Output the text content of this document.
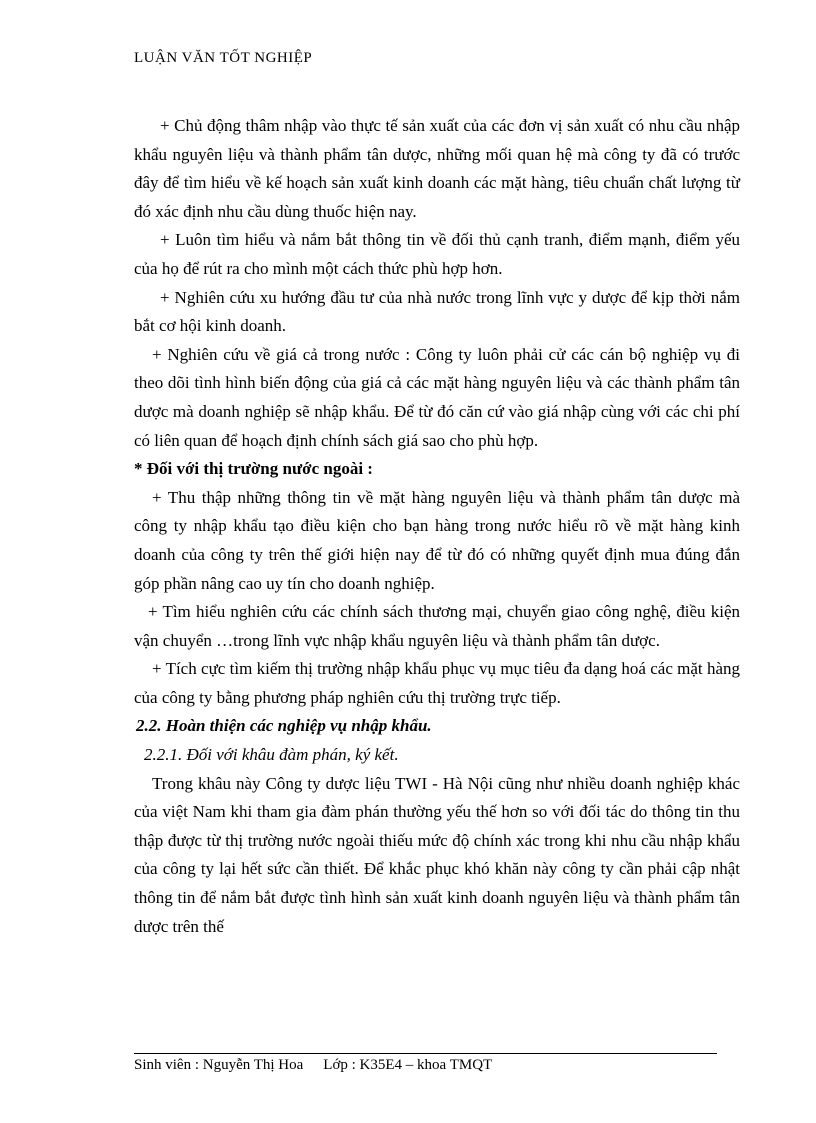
LUẬN VĂN TỐT NGHIỆP

+ Chủ động thâm nhập vào thực tế sản xuất của các đơn vị sản xuất có nhu cầu nhập khẩu nguyên liệu và thành phẩm tân dược, những mối quan hệ mà công ty đã có trước đây để tìm hiểu về kế hoạch sản xuất kinh doanh các mặt hàng, tiêu chuẩn chất lượng từ đó xác định nhu cầu dùng thuốc hiện nay.

+ Luôn tìm hiểu và nắm bắt thông tin về đối thủ cạnh tranh, điểm mạnh, điểm yếu của họ để rút ra cho mình một cách thức phù hợp hơn.

+ Nghiên cứu xu hướng đầu tư của nhà nước trong lĩnh vực y dược để kịp thời nắm bắt cơ hội kinh doanh.

+ Nghiên cứu về giá cả trong nước : Công ty luôn phải cử các cán bộ nghiệp vụ đi theo dõi tình hình biến động của giá cả các mặt hàng nguyên liệu và các thành phẩm tân dược mà doanh nghiệp sẽ nhập khẩu. Để từ đó căn cứ vào giá nhập cùng với các chi phí có liên quan để hoạch định chính sách giá sao cho phù hợp.

* Đối với thị trường nước ngoài :

+ Thu thập những thông tin về mặt hàng nguyên liệu và thành phẩm tân dược mà công ty nhập khẩu tạo điều kiện cho bạn hàng trong nước hiểu rõ về mặt hàng kinh doanh của công ty trên thế giới hiện nay để từ đó có những quyết định mua đúng đắn góp phần nâng cao uy tín cho doanh nghiệp.

+ Tìm hiểu nghiên cứu các chính sách thương mại, chuyển giao công nghệ, điều kiện vận chuyển …trong lĩnh vực nhập khẩu nguyên liệu và thành phẩm tân dược.

+ Tích cực tìm kiếm thị trường nhập khẩu phục vụ mục tiêu đa dạng hoá các mặt hàng của công ty bằng phương pháp nghiên cứu thị trường trực tiếp.

2.2. Hoàn thiện các nghiệp vụ nhập khẩu.

2.2.1. Đối với khâu đàm phán, ký kết.

Trong khâu này Công ty dược liệu TWI - Hà Nội cũng như nhiều doanh nghiệp khác của việt Nam khi tham gia đàm phán thường yếu thế hơn so với đối tác do thông tin thu thập được từ thị trường nước ngoài thiếu mức độ chính xác trong khi nhu cầu nhập khẩu của công ty lại hết sức cần thiết. Để khắc phục khó khăn này công ty cần phải cập nhật thông tin để nắm bắt được tình hình sản xuất kinh doanh nguyên liệu và thành phẩm tân dược trên thế

Sinh viên : Nguyễn Thị Hoa Lớp : K35E4 – khoa TMQT
